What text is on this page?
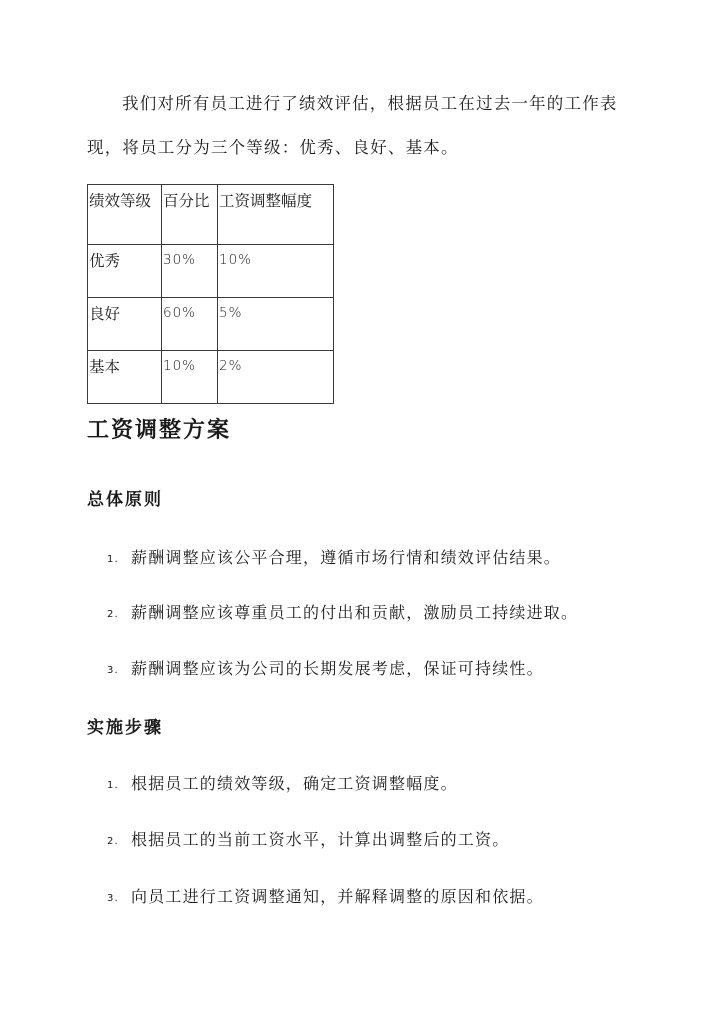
我们对所有员工进行了绩效评估，根据员工在过去一年的工作表现，将员工分为三个等级：优秀、良好、基本。

绩效等级	百分比	工资调整幅度
优秀	30%	10%
良好	60%	5%
基本	10%	2%
工资调整方案
总体原则
1. 薪酬调整应该公平合理，遵循市场行情和绩效评估结果。
2. 薪酬调整应该尊重员工的付出和贡献，激励员工持续进取。
3. 薪酬调整应该为公司的长期发展考虑，保证可持续性。
实施步骤
1. 根据员工的绩效等级，确定工资调整幅度。
2. 根据员工的当前工资水平，计算出调整后的工资。
3. 向员工进行工资调整通知，并解释调整的原因和依据。
